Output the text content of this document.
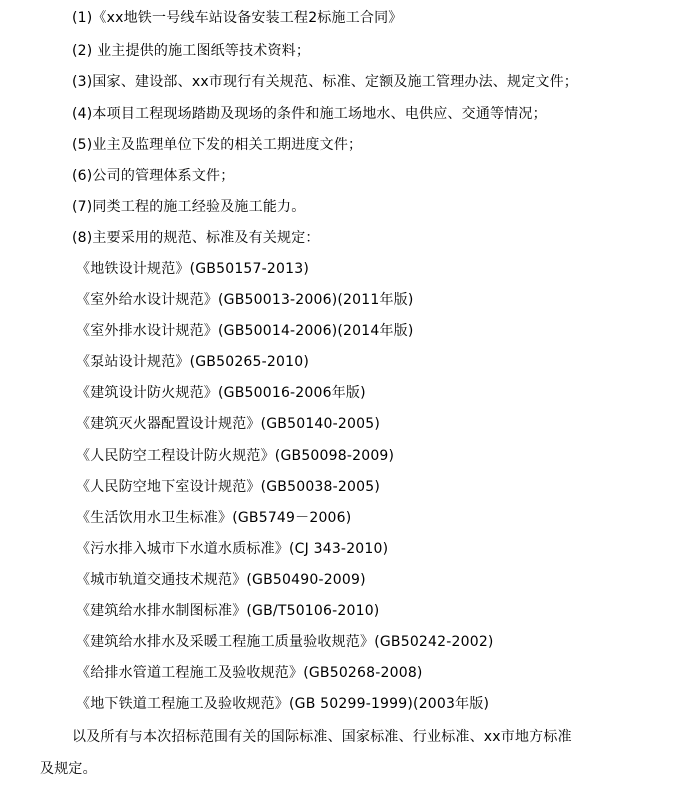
(1)《xx地铁一号线车站设备安装工程2标施工合同》
(2) 业主提供的施工图纸等技术资料；
(3)国家、建设部、xx市现行有关规范、标准、定额及施工管理办法、规定文件；
(4)本项目工程现场踏勘及现场的条件和施工场地水、电供应、交通等情况；
(5)业主及监理单位下发的相关工期进度文件；
(6)公司的管理体系文件；
(7)同类工程的施工经验及施工能力。
(8)主要采用的规范、标准及有关规定：
《地铁设计规范》(GB50157-2013)
《室外给水设计规范》(GB50013-2006)(2011年版)
《室外排水设计规范》(GB50014-2006)(2014年版)
《泵站设计规范》(GB50265-2010)
《建筑设计防火规范》(GB50016-2006年版)
《建筑灭火器配置设计规范》(GB50140-2005)
《人民防空工程设计防火规范》(GB50098-2009)
《人民防空地下室设计规范》(GB50038-2005)
《生活饮用水卫生标准》(GB5749－2006)
《污水排入城市下水道水质标准》(CJ 343-2010)
《城市轨道交通技术规范》(GB50490-2009)
《建筑给水排水制图标准》(GB/T50106-2010)
《建筑给水排水及采暖工程施工质量验收规范》(GB50242-2002)
《给排水管道工程施工及验收规范》(GB50268-2008)
《地下铁道工程施工及验收规范》(GB 50299-1999)(2003年版)
以及所有与本次招标范围有关的国际标准、国家标准、行业标准、xx市地方标准
及规定。
